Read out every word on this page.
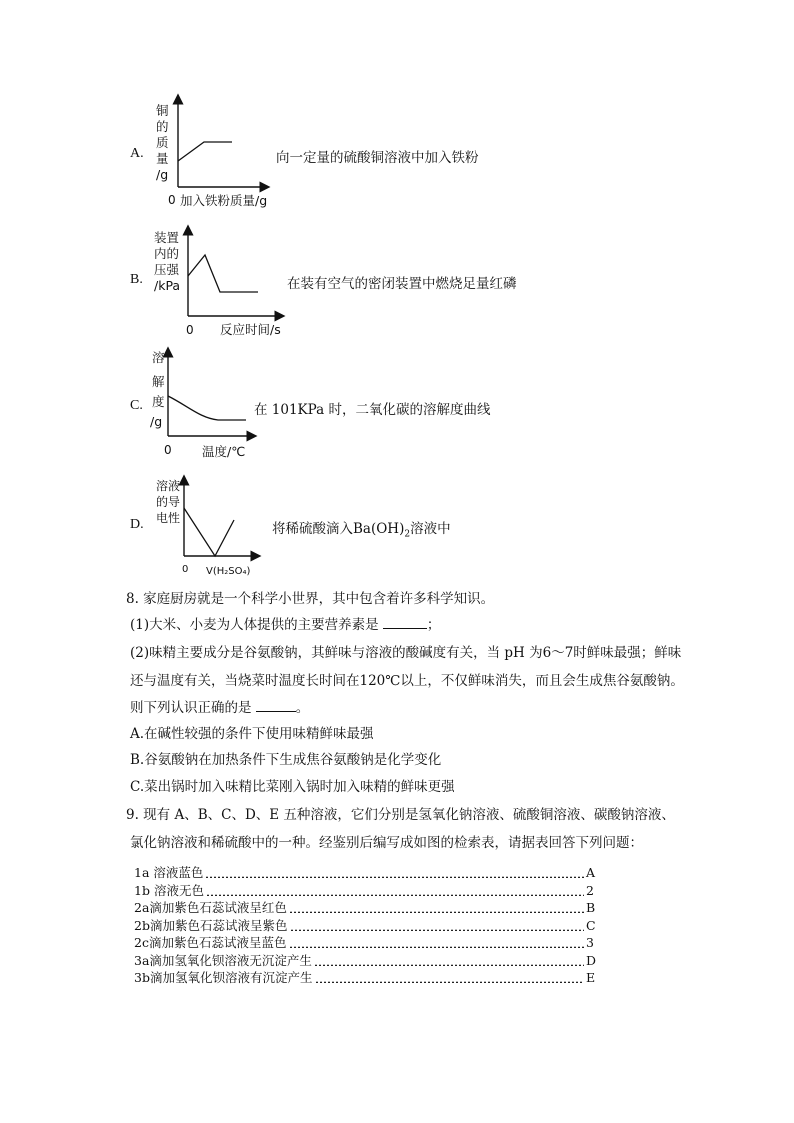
A.
铜
的
质
量
/g
0 加入铁粉质量/g
向一定量的硫酸铜溶液中加入铁粉
B.
装置
内的
压强
/kPa
0 反应时间/s
在装有空气的密闭装置中燃烧足量红磷
C.
溶
解
度
/g
0 温度/℃
在 101KPa 时，二氧化碳的溶解度曲线
D.
溶液
的导
电性
0 V(H₂SO₄)
将稀硫酸滴入$Ba(OH)_2$溶液中
8. 家庭厨房就是一个科学小世界，其中包含着许多科学知识。
(1)大米、小麦为人体提供的主要营养素是	；
(2)味精主要成分是谷氨酸钠，其鲜味与溶液的酸碱度有关，当 pH 为6～7时鲜味最强；鲜味
还与温度有关，当烧菜时温度长时间在120℃以上，不仅鲜味消失，而且会生成焦谷氨酸钠。
则下列认识正确的是	。
A.在碱性较强的条件下使用味精鲜味最强
B.谷氨酸钠在加热条件下生成焦谷氨酸钠是化学变化
C.菜出锅时加入味精比菜刚入锅时加入味精的鲜味更强
9. 现有 A、B、C、D、E 五种溶液，它们分别是氢氧化钠溶液、硫酸铜溶液、碳酸钠溶液、
氯化钠溶液和稀硫酸中的一种。经鉴别后编写成如图的检索表，请据表回答下列问题：
1a 溶液蓝色	A
1b 溶液无色	2
2a滴加紫色石蕊试液呈红色	B
2b滴加紫色石蕊试液呈紫色	C
2c滴加紫色石蕊试液呈蓝色	3
3a滴加氢氧化钡溶液无沉淀产生	D
3b滴加氢氧化钡溶液有沉淀产生	E
